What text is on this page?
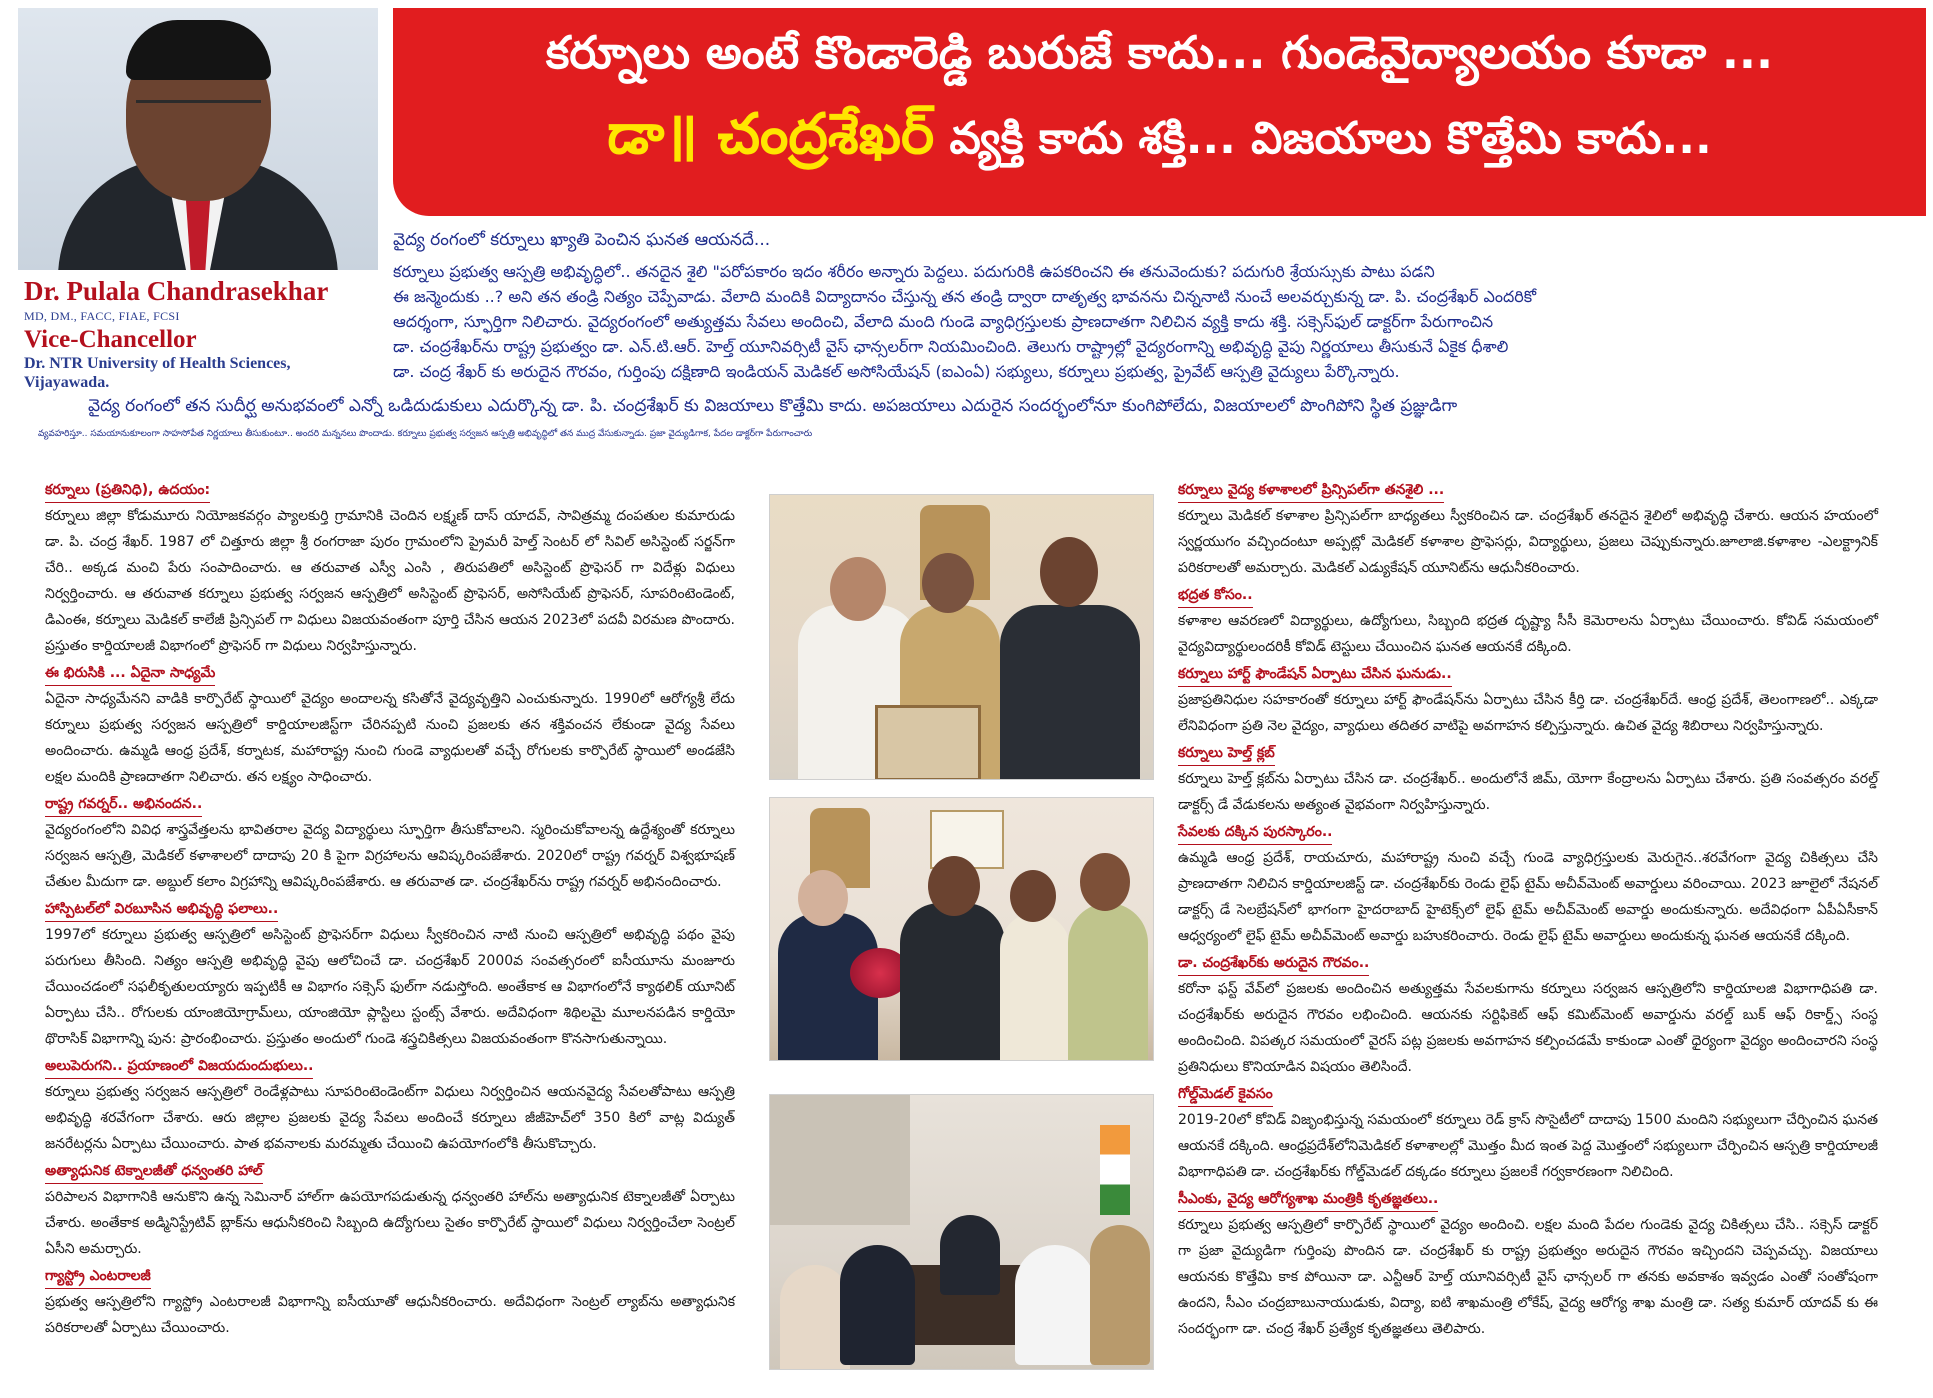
Dr. Pulala Chandrasekhar
MD, DM., FACC, FIAE, FCSI
Vice-Chancellor
Dr. NTR University of Health Sciences,
Vijayawada.
కర్నూలు అంటే కొండారెడ్డి బురుజే కాదు... గుండెవైద్యాలయం కూడా ...
డా॥ చంద్రశేఖర్ వ్యక్తి కాదు శక్తి... విజయాలు కొత్తేమి కాదు...

వైద్య రంగంలో కర్నూలు ఖ్యాతి పెంచిన ఘనత ఆయనదే...

కర్నూలు ప్రభుత్వ ఆస్పత్రి అభివృద్ధిలో.. తనదైన శైలి "పరోపకారం ఇదం శరీరం అన్నారు పెద్దలు. పదుగురికి ఉపకరించని ఈ తనువెందుకు? పదుగురి శ్రేయస్సుకు పాటు పడని

ఈ జన్మెందుకు ..? అని తన తండ్రి నిత్యం చెప్పేవాడు. వేలాది మందికి విద్యాదానం చేస్తున్న తన తండ్రి ద్వారా దాతృత్వ భావనను చిన్ననాటి నుంచే అలవర్చుకున్న డా. పి. చంద్రశేఖర్ ఎందరికో

ఆదర్శంగా, స్ఫూర్తిగా నిలిచారు. వైద్యరంగంలో అత్యుత్తమ సేవలు అందించి, వేలాది మంది గుండె వ్యాధిగ్రస్తులకు ప్రాణదాతగా నిలిచిన వ్యక్తి కాదు శక్తి. సక్సెస్‌ఫుల్ డాక్టర్‌గా పేరుగాంచిన

డా. చంద్రశేఖర్‌ను రాష్ట్ర ప్రభుత్వం డా. ఎన్.టి.ఆర్. హెల్త్ యూనివర్సిటీ వైస్ ఛాన్సలర్‌గా నియమించింది. తెలుగు రాష్ట్రాల్లో వైద్యరంగాన్ని అభివృద్ధి వైపు నిర్ణయాలు తీసుకునే ఏకైక ధీశాలి

డా. చంద్ర శేఖర్ కు అరుదైన గౌరవం, గుర్తింపు దక్షిణాది ఇండియన్ మెడికల్ అసోసియేషన్ (ఐఎంఏ) సభ్యులు, కర్నూలు ప్రభుత్వ, ప్రైవేట్ ఆస్పత్రి వైద్యులు పేర్కొన్నారు.

వైద్య రంగంలో తన సుదీర్ఘ అనుభవంలో ఎన్నో ఒడిదుడుకులు ఎదుర్కొన్న డా. పి. చంద్రశేఖర్ కు విజయాలు కొత్తేమి కాదు. అపజయాలు ఎదురైన సందర్భంలోనూ కుంగిపోలేదు, విజయాలలో పొంగిపోని స్థిత ప్రజ్ఞుడిగా
వ్యవహరిస్తూ.. సమయానుకూలంగా సాహసోపేత నిర్ణయాలు తీసుకుంటూ.. అందరి మన్ననలు పొందాడు. కర్నూలు ప్రభుత్వ సర్వజన ఆస్పత్రి అభివృద్ధిలో తన ముద్ర వేసుకున్నాడు. ప్రజా వైద్యుడిగాక, పేదల డాక్టర్‌గా పేరుగాంచారు
కర్నూలు (ప్రతినిధి), ఉదయం:

కర్నూలు జిల్లా కోడుమూరు నియోజకవర్గం ప్యాలకుర్తి గ్రామానికి చెందిన లక్ష్మణ్ దాస్ యాదవ్, సావిత్రమ్మ దంపతుల కుమారుడు డా. పి. చంద్ర శేఖర్. 1987 లో చిత్తూరు జిల్లా శ్రీ రంగరాజా పురం గ్రామంలోని ప్రైమరీ హెల్త్ సెంటర్ లో సివిల్ అసిస్టెంట్ సర్జన్‌గా చేరి.. అక్కడ మంచి పేరు సంపాదించారు. ఆ తరువాత ఎస్వీ ఎంసి , తిరుపతిలో అసిస్టెంట్ ప్రొఫెసర్ గా విదేళ్లు విధులు నిర్వర్తించారు. ఆ తరువాత కర్నూలు ప్రభుత్వ సర్వజన ఆస్పత్రిలో అసిస్టెంట్ ప్రొఫెసర్, అసోసియేట్ ప్రొఫెసర్, సూపరింటెండెంట్, డిఎంఈ, కర్నూలు మెడికల్ కాలేజీ ప్రిన్సిపల్ గా విధులు విజయవంతంగా పూర్తి చేసిన ఆయన 2023లో పదవీ విరమణ పొందారు. ప్రస్తుతం కార్డియాలజీ విభాగంలో ప్రొఫెసర్ గా విధులు నిర్వహిస్తున్నారు.

ఈ భిరుసికి ... ఏదైనా సాధ్యమే

ఏదైనా సాధ్యమేనని వాడికి కార్పొరేట్ స్థాయిలో వైద్యం అందాలన్న కసితోనే వైద్యవృత్తిని ఎంచుకున్నారు. 1990లో ఆరోగ్యశ్రీ లేదు కర్నూలు ప్రభుత్వ సర్వజన ఆస్పత్రిలో కార్డియాలజిస్ట్‌గా చేరినప్పటి నుంచి ప్రజలకు తన శక్తివంచన లేకుండా వైద్య సేవలు అందించారు. ఉమ్మడి ఆంధ్ర ప్రదేశ్, కర్నాటక, మహారాష్ట్ర నుంచి గుండె వ్యాధులతో వచ్చే రోగులకు కార్పొరేట్ స్థాయిలో అండజేసి లక్షల మందికి ప్రాణదాతగా నిలిచారు. తన లక్ష్యం సాధించారు.

రాష్ట్ర గవర్నర్.. అభినందన..

వైద్యరంగంలోని వివిధ శాస్త్రవేత్తలను భావితరాల వైద్య విద్యార్థులు స్ఫూర్తిగా తీసుకోవాలని. స్మరించుకోవాలన్న ఉద్దేశ్యంతో కర్నూలు సర్వజన ఆస్పత్రి, మెడికల్ కళాశాలలో దాదాపు 20 కి పైగా విగ్రహాలను ఆవిష్కరింపజేశారు. 2020లో రాష్ట్ర గవర్నర్ విశ్వభూషణ్ చేతుల మీదుగా డా. అబ్దుల్ కలాం విగ్రహాన్ని ఆవిష్కరింపజేశారు. ఆ తరువాత డా. చంద్రశేఖర్‌ను రాష్ట్ర గవర్నర్ అభినందించారు.

హాస్పిటల్‌లో విరబూసిన అభివృద్ధి ఫలాలు..

1997లో కర్నూలు ప్రభుత్వ ఆస్పత్రిలో అసిస్టెంట్ ప్రొఫెసర్‌గా విధులు స్వీకరించిన నాటి నుంచి ఆస్పత్రిలో అభివృద్ధి పథం వైపు పరుగులు తీసింది. నిత్యం ఆస్పత్రి అభివృద్ధి వైపు ఆలోచించే డా. చంద్రశేఖర్ 2000వ సంవత్సరంలో ఐసీయూను మంజూరు చేయించడంలో సఫలీకృతులయ్యారు ఇప్పటికీ ఆ విభాగం సక్సెస్ ఫుల్‌గా నడుస్తోంది. అంతేకాక ఆ విభాగంలోనే క్యాథలిక్ యూనిట్ ఏర్పాటు చేసి.. రోగులకు యాంజియోగ్రామ్‌లు, యాంజియో ప్లాస్టిలు స్టంట్స్ వేశారు. అదేవిధంగా శిథిలమై మూలనపడిన కార్డియో థొరాసిక్ విభాగాన్ని పున: ప్రారంభించారు. ప్రస్తుతం అందులో గుండె శస్త్రచికిత్సలు విజయవంతంగా కొనసాగుతున్నాయి.

అలుపెరుగని.. ప్రయాణంలో విజయదుందుభులు..

కర్నూలు ప్రభుత్వ సర్వజన ఆస్పత్రిలో రెండేళ్లపాటు సూపరింటెండెంట్‌గా విధులు నిర్వర్తించిన ఆయనవైద్య సేవలతోపాటు ఆస్పత్రి అభివృద్ధి శరవేగంగా చేశారు. ఆరు జిల్లాల ప్రజలకు వైద్య సేవలు అందించే కర్నూలు జీజీహెచ్‌లో 350 కిలో వాట్ల విద్యుత్ జనరేటర్లను ఏర్పాటు చేయించారు. పాత భవనాలకు మరమ్మతు చేయించి ఉపయోగంలోకి తీసుకొచ్చారు.

అత్యాధునిక టెక్నాలజీతో ధన్వంతరి హాల్

పరిపాలన విభాగానికి ఆనుకొని ఉన్న సెమినార్ హాల్‌గా ఉపయోగపడుతున్న ధన్వంతరి హాల్‌ను అత్యాధునిక టెక్నాలజీతో ఏర్పాటు చేశారు. అంతేకాక అడ్మినిస్ట్రేటివ్ బ్లాక్‌ను ఆధునీకరించి సిబ్బంది ఉద్యోగులు సైతం కార్పొరేట్ స్థాయిలో విధులు నిర్వర్తించేలా సెంట్రల్ ఏసీని అమర్చారు.

గ్యాస్ట్రో ఎంటరాలజీ

ప్రభుత్వ ఆస్పత్రిలోని గ్యాస్ట్రో ఎంటరాలజీ విభాగాన్ని ఐసీయూతో ఆధునీకరించారు. అదేవిధంగా సెంట్రల్ ల్యాబ్‌ను అత్యాధునిక పరికరాలతో ఏర్పాటు చేయించారు.

కర్నూలు వైద్య కళాశాలలో ప్రిన్సిపల్‌గా తనశైలి ...

కర్నూలు మెడికల్ కళాశాల ప్రిన్సిపల్‌గా బాధ్యతలు స్వీకరించిన డా. చంద్రశేఖర్ తనదైన శైలిలో అభివృద్ధి చేశారు. ఆయన హయంలో స్వర్ణయుగం వచ్చిందంటూ అప్పట్లో మెడికల్ కళాశాల ప్రొఫెసర్లు, విద్యార్థులు, ప్రజలు చెప్పుకున్నారు.జూలాజి.కళాశాల -ఎలక్ట్రానిక్ పరికరాలతో అమర్చారు. మెడికల్ ఎడ్యుకేషన్ యూనిట్‌ను ఆధునీకరించారు.

భద్రత కోసం..

కళాశాల ఆవరణలో విద్యార్థులు, ఉద్యోగులు, సిబ్బంది భద్రత దృష్ట్యా సీసీ కెమెరాలను ఏర్పాటు చేయించారు. కోవిడ్ సమయంలో వైద్యవిద్యార్థులందరికీ కోవిడ్ టెస్టులు చేయించిన ఘనత ఆయనకే దక్కింది.

కర్నూలు హార్ట్ ఫౌండేషన్ ఏర్పాటు చేసిన ఘనుడు..

ప్రజాప్రతినిధుల సహకారంతో కర్నూలు హార్ట్ ఫౌండేషన్‌ను ఏర్పాటు చేసిన కీర్తి డా. చంద్రశేఖర్‌దే. ఆంధ్ర ప్రదేశ్, తెలంగాణలో.. ఎక్కడా లేనివిధంగా ప్రతి నెల వైద్యం, వ్యాధులు తదితర వాటిపై అవగాహన కల్పిస్తున్నారు. ఉచిత వైద్య శిబిరాలు నిర్వహిస్తున్నారు.

కర్నూలు హెల్త్ క్లబ్

కర్నూలు హెల్త్ క్లబ్‌ను ఏర్పాటు చేసిన డా. చంద్రశేఖర్.. అందులోనే జిమ్, యోగా కేంద్రాలను ఏర్పాటు చేశారు. ప్రతి సంవత్సరం వరల్డ్ డాక్టర్స్ డే వేడుకలను అత్యంత వైభవంగా నిర్వహిస్తున్నారు.

సేవలకు దక్కిన పురస్కారం..

ఉమ్మడి ఆంధ్ర ప్రదేశ్, రాయచూరు, మహారాష్ట్ర నుంచి వచ్చే గుండె వ్యాధిగ్రస్తులకు మెరుగైన..శరవేగంగా వైద్య చికిత్సలు చేసి ప్రాణదాతగా నిలిచిన కార్డియాలజిస్ట్ డా. చంద్రశేఖర్‌కు రెండు లైఫ్ టైమ్ అచీవ్‌మెంట్ అవార్డులు వరించాయి. 2023 జూలైలో నేషనల్ డాక్టర్స్ డే సెలబ్రేషన్‌లో భాగంగా హైదరాబాద్ హైటెక్స్‌లో లైఫ్ టైమ్ అచీవ్‌మెంట్ అవార్డు అందుకున్నారు. అదేవిధంగా ఏపీఏసీకాన్ ఆధ్వర్యంలో లైఫ్ టైమ్ అచీవ్‌మెంట్ అవార్డు బహుకరించారు. రెండు లైఫ్ టైమ్ అవార్డులు అందుకున్న ఘనత ఆయనకే దక్కింది.

డా. చంద్రశేఖర్‌కు అరుదైన గౌరవం..

కరోనా ఫస్ట్ వేవ్‌లో ప్రజలకు అందించిన అత్యుత్తమ సేవలకుగాను కర్నూలు సర్వజన ఆస్పత్రిలోని కార్డియాలజి విభాగాధిపతి డా. చంద్రశేఖర్‌కు అరుదైన గౌరవం లభించింది. ఆయనకు సర్టిఫికెట్ ఆఫ్ కమిట్‌మెంట్ అవార్డును వరల్డ్ బుక్ ఆఫ్ రికార్డ్స్ సంస్థ అందించింది. విపత్కర సమయంలో వైరస్ పట్ల ప్రజలకు అవగాహన కల్పించడమే కాకుండా ఎంతో ధైర్యంగా వైద్యం అందించారని సంస్థ ప్రతినిధులు కొనియాడిన విషయం తెలిసిందే.

గోల్డ్‌మెడల్ కైవసం

2019-20లో కోవిడ్ విజృంభిస్తున్న సమయంలో కర్నూలు రెడ్ క్రాస్ సొసైటీలో దాదాపు 1500 మందిని సభ్యులుగా చేర్పించిన ఘనత ఆయనకే దక్కింది. ఆంధ్రప్రదేశ్‌లోనిమెడికల్ కళాశాలల్లో మొత్తం మీద ఇంత పెద్ద మొత్తంలో సభ్యులుగా చేర్పించిన ఆస్పత్రి కార్డియాలజీ విభాగాధిపతి డా. చంద్రశేఖర్‌కు గోల్డ్‌మెడల్ దక్కడం కర్నూలు ప్రజలకే గర్వకారణంగా నిలిచింది.

సీఎంకు, వైద్య ఆరోగ్యశాఖ మంత్రికి కృతజ్ఞతలు..

కర్నూలు ప్రభుత్వ ఆస్పత్రిలో కార్పొరేట్ స్థాయిలో వైద్యం అందించి. లక్షల మంది పేదల గుండెకు వైద్య చికిత్సలు చేసి.. సక్సెస్ డాక్టర్ గా ప్రజా వైద్యుడిగా గుర్తింపు పొందిన డా. చంద్రశేఖర్ కు రాష్ట్ర ప్రభుత్వం అరుదైన గౌరవం ఇచ్చిందని చెప్పవచ్చు. విజయాలు ఆయనకు కొత్తేమి కాక పోయినా డా. ఎన్టీఆర్ హెల్త్ యూనివర్సిటీ వైస్ ఛాన్సలర్ గా తనకు అవకాశం ఇవ్వడం ఎంతో సంతోషంగా ఉందని, సీఎం చంద్రబాబునాయుడుకు, విద్యా, ఐటి శాఖమంత్రి లోకేష్, వైద్య ఆరోగ్య శాఖ మంత్రి డా. సత్య కుమార్ యాదవ్ కు ఈ సందర్భంగా డా. చంద్ర శేఖర్ ప్రత్యేక కృతజ్ఞతలు తెలిపారు.
